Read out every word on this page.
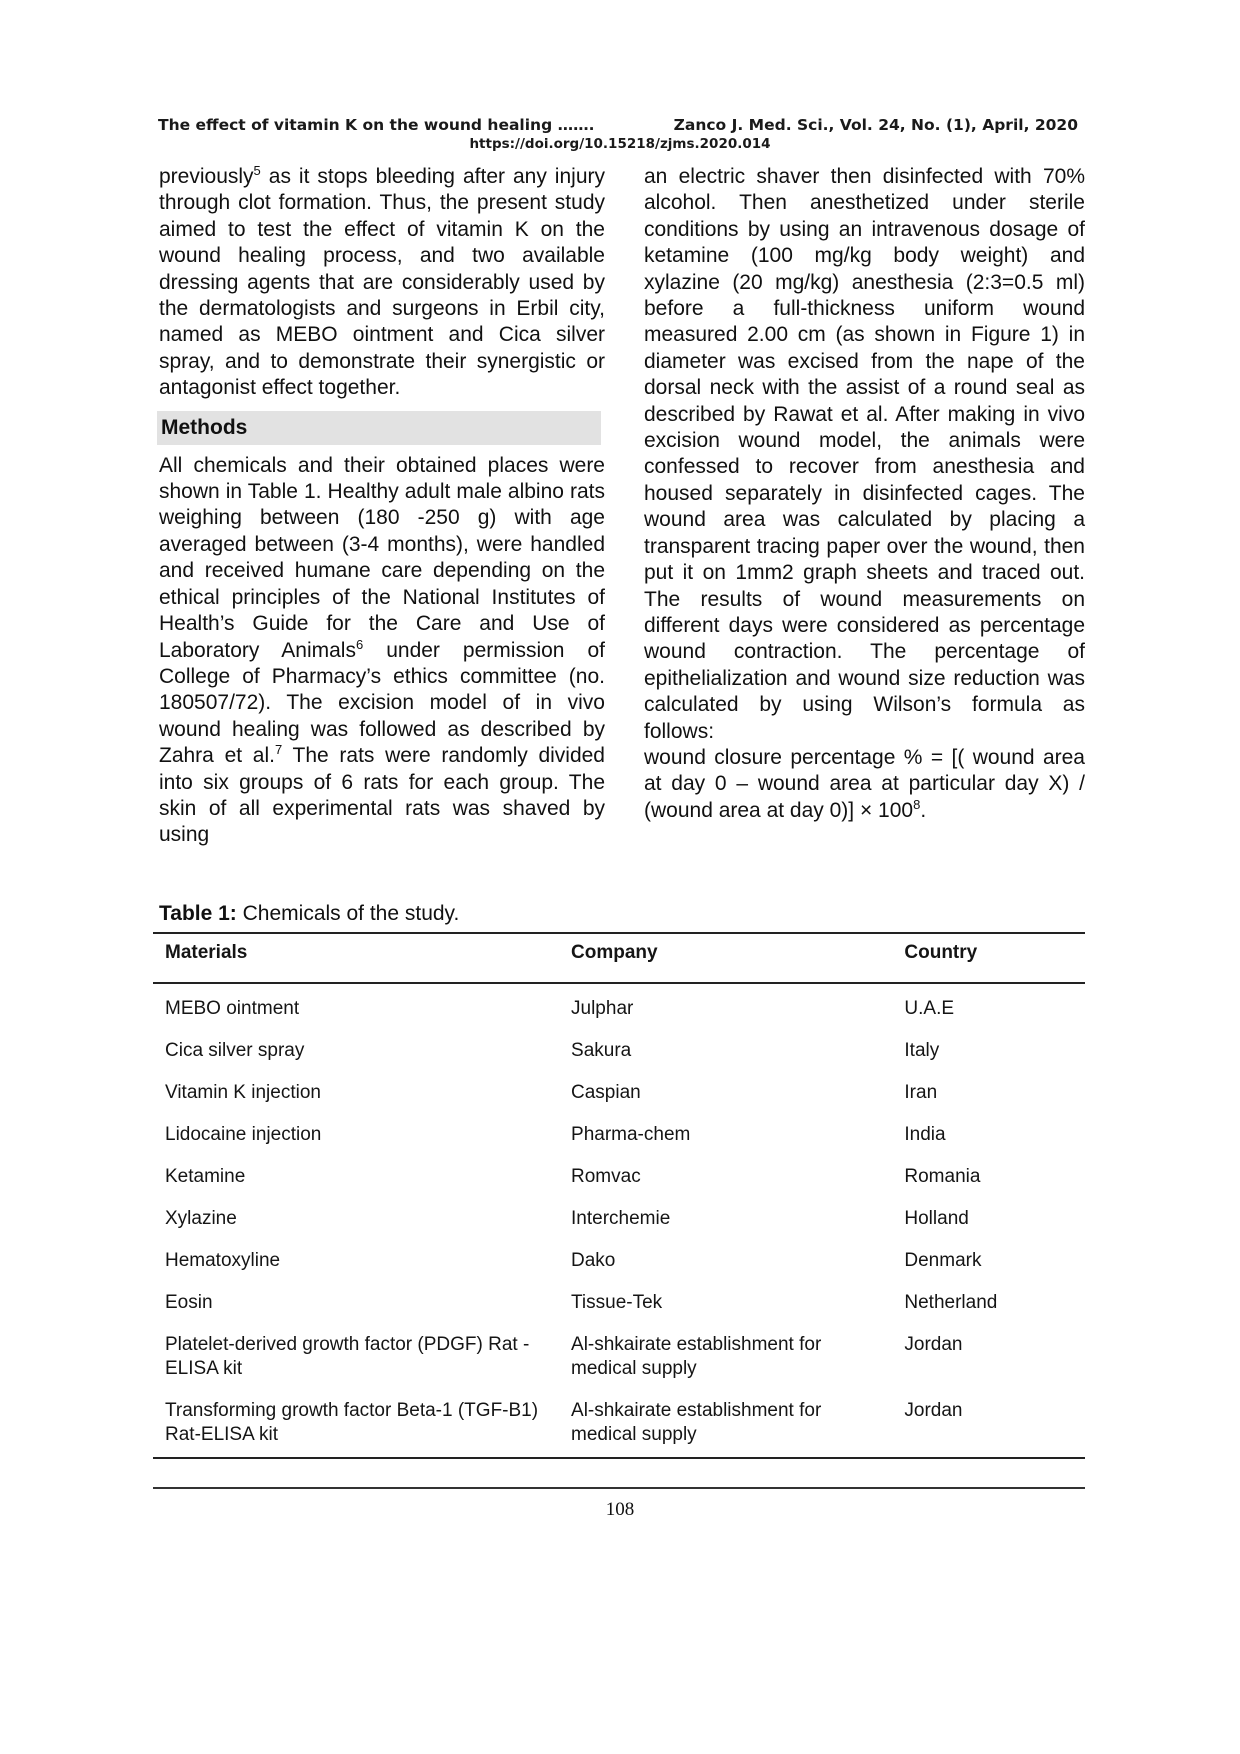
The effect of vitamin K on the wound healing …….	Zanco J. Med. Sci., Vol. 24, No. (1), April, 2020
https://doi.org/10.15218/zjms.2020.014

previously$^5$ as it stops bleeding after any injury through clot formation. Thus, the present study aimed to test the effect of vitamin K on the wound healing process, and two available dressing agents that are considerably used by the dermatologists and surgeons in Erbil city, named as MEBO ointment and Cica silver spray, and to demonstrate their synergistic or antagonist effect together.

Methods

All chemicals and their obtained places were shown in Table 1. Healthy adult male albino rats weighing between (180 -250 g) with age averaged between (3-4 months), were handled and received humane care depending on the ethical principles of the National Institutes of Health’s Guide for the Care and Use of Laboratory Animals$^6$ under permission of College of Pharmacy’s ethics committee (no. 180507/72). The excision model of in vivo wound healing was followed as described by Zahra et al.$^7$ The rats were randomly divided into six groups of 6 rats for each group. The skin of all experimental rats was shaved by using

an electric shaver then disinfected with 70% alcohol. Then anesthetized under sterile conditions by using an intravenous dosage of ketamine (100 mg/kg body weight) and xylazine (20 mg/kg) anesthesia (2:3=0.5 ml) before a full-thickness uniform wound measured 2.00 cm (as shown in Figure 1) in diameter was excised from the nape of the dorsal neck with the assist of a round seal as described by Rawat et al. After making in vivo excision wound model, the animals were confessed to recover from anesthesia and housed separately in disinfected cages. The wound area was calculated by placing a transparent tracing paper over the wound, then put it on 1mm2 graph sheets and traced out. The results of wound measurements on different days were considered as percentage wound contraction. The percentage of epithelialization and wound size reduction was calculated by using Wilson’s formula as follows:

wound closure percentage % = [( wound area at day 0 – wound area at particular day X) / (wound area at day $0)] \times 100^8$.

Table 1: Chemicals of the study.
Materials	Company	Country
MEBO ointment	Julphar	U.A.E
Cica silver spray	Sakura	Italy
Vitamin K injection	Caspian	Iran
Lidocaine injection	Pharma-chem	India
Ketamine	Romvac	Romania
Xylazine	Interchemie	Holland
Hematoxyline	Dako	Denmark
Eosin	Tissue-Tek	Netherland
Platelet-derived growth factor (PDGF) Rat -ELISA kit	Al-shkairate establishment for medical supply	Jordan
Transforming growth factor Beta-1 (TGF-B1) Rat-ELISA kit	Al-shkairate establishment for medical supply	Jordan
108
